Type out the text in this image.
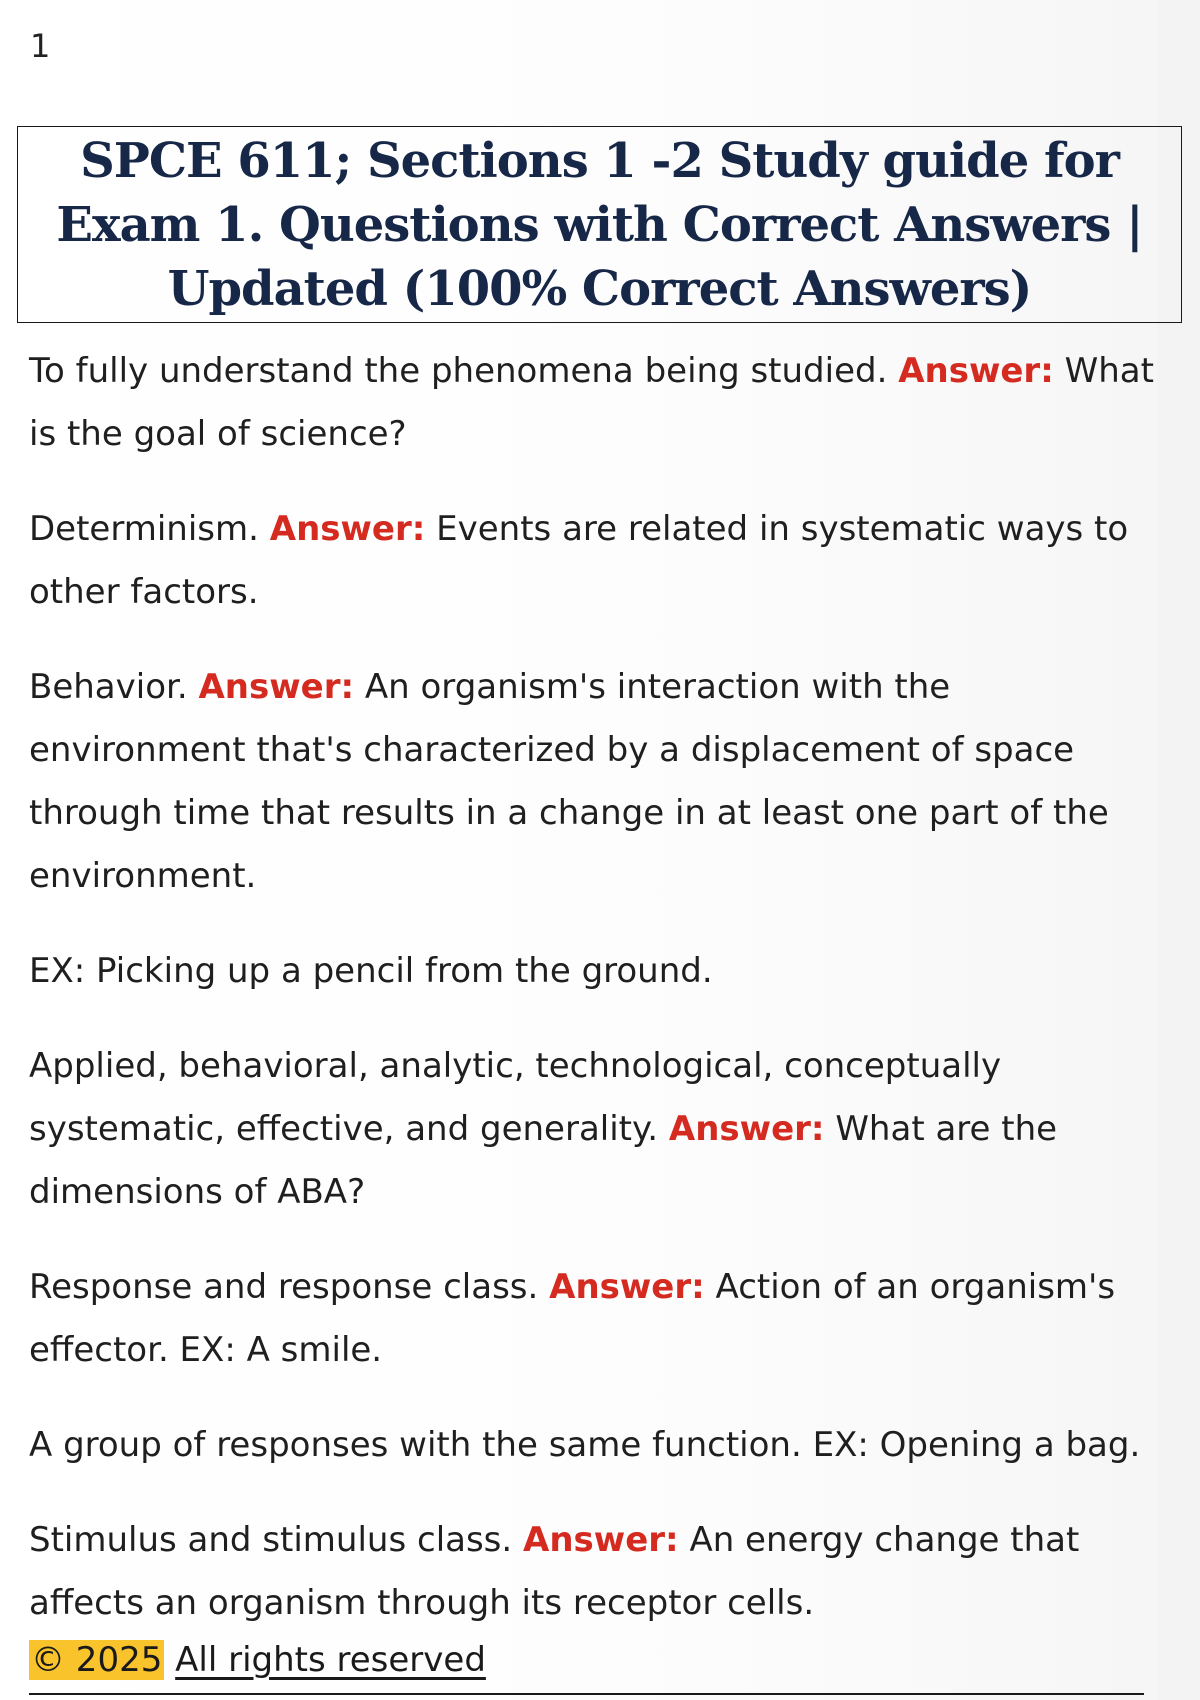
1
SPCE 611; Sections 1 -2 Study guide for Exam 1. Questions with Correct Answers | Updated (100% Correct Answers)

To fully understand the phenomena being studied. Answer: What is the goal of science?

Determinism. Answer: Events are related in systematic ways to other factors.

Behavior. Answer: An organism's interaction with the environment that's characterized by a displacement of space through time that results in a change in at least one part of the environment.

EX: Picking up a pencil from the ground.

Applied, behavioral, analytic, technological, conceptually systematic, effective, and generality. Answer: What are the dimensions of ABA?

Response and response class. Answer: Action of an organism's effector. EX: A smile.

A group of responses with the same function. EX: Opening a bag.

Stimulus and stimulus class. Answer: An energy change that affects an organism through its receptor cells.

© 2025 All rights reserved
